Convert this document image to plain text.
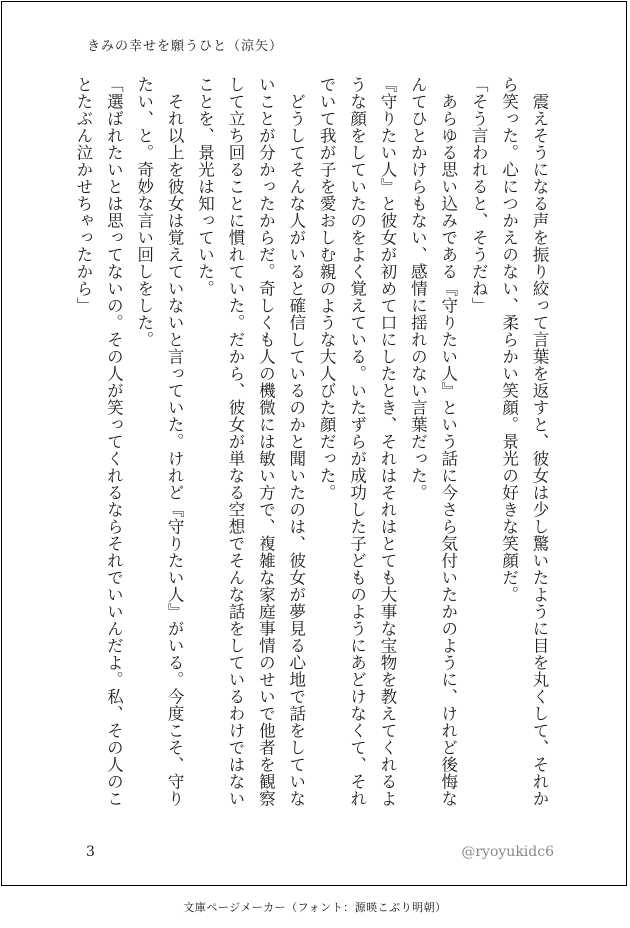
きみの幸せを願うひと（涼矢）

　震えそうになる声を振り絞って言葉を返すと、彼女は少し驚いたように目を丸くして、それから笑った。心につかえのない、柔らかい笑顔。景光の好きな笑顔だ。

「そう言われると、そうだね」

　あらゆる思い込みである『守りたい人』という話に今さら気付いたかのように、けれど後悔なんてひとかけらもない、感情に揺れのない言葉だった。

『守りたい人』と彼女が初めて口にしたとき、それはそれはとても大事な宝物を教えてくれるような顔をしていたのをよく覚えている。いたずらが成功した子どものようにあどけなくて、それでいて我が子を愛おしむ親のような大人びた顔だった。

　どうしてそんな人がいると確信しているのかと聞いたのは、彼女が夢見る心地で話をしていないことが分かったからだ。奇しくも人の機微には敏い方で、複雑な家庭事情のせいで他者を観察して立ち回ることに慣れていた。だから、彼女が単なる空想でそんな話をしているわけではないことを、景光は知っていた。

　それ以上を彼女は覚えていないと言っていた。けれど『守りたい人』がいる。今度こそ、守りたい、と。奇妙な言い回しをした。

「選ばれたいとは思ってないの。その人が笑ってくれるならそれでいいんだよ。私、その人のことたぶん泣かせちゃったから」

3	@ryoyukidc6
文庫ページメーカー（フォント：源暎こぶり明朝）
